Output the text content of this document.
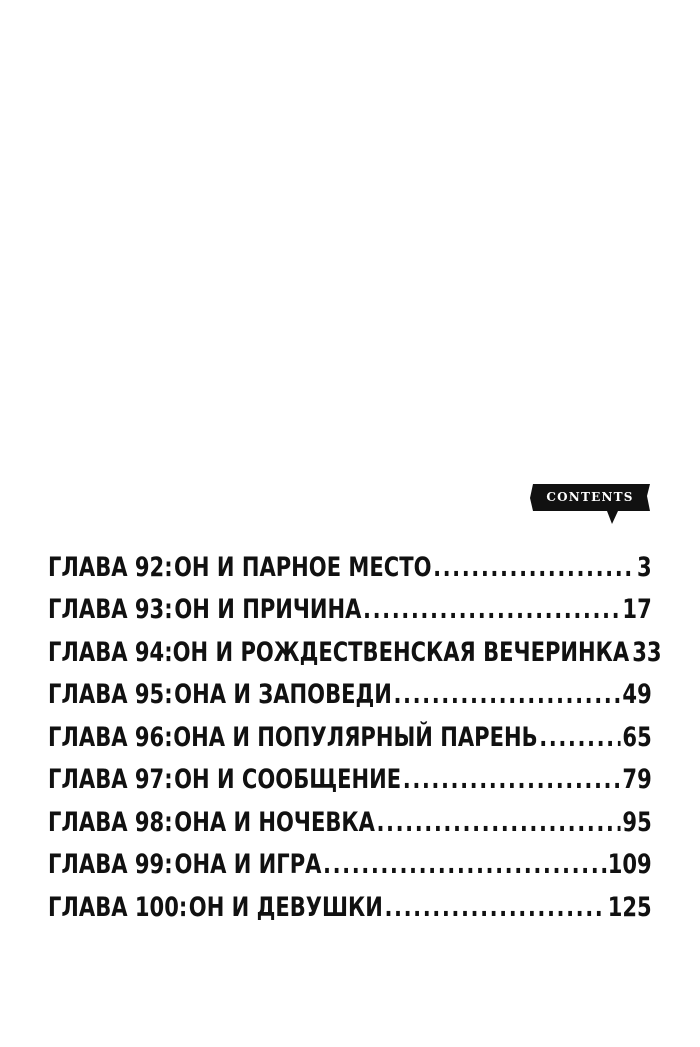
CONTENTS
ГЛАВА 92: ОН И ПАРНОЕ МЕСТО .....	3
ГЛАВА 93: ОН И ПРИЧИНА .....	17
ГЛАВА 94: ОН И РОЖДЕСТВЕНСКАЯ ВЕЧЕРИНКА 33
ГЛАВА 95: ОНА И ЗАПОВЕДИ .....	49
ГЛАВА 96: ОНА И ПОПУЛЯРНЫЙ ПАРЕНЬ .....	65
ГЛАВА 97: ОН И СООБЩЕНИЕ .....	79
ГЛАВА 98: ОНА И НОЧЕВКА .....	95
ГЛАВА 99: ОНА И ИГРА .....	109
ГЛАВА 100: ОН И ДЕВУШКИ .....	125
